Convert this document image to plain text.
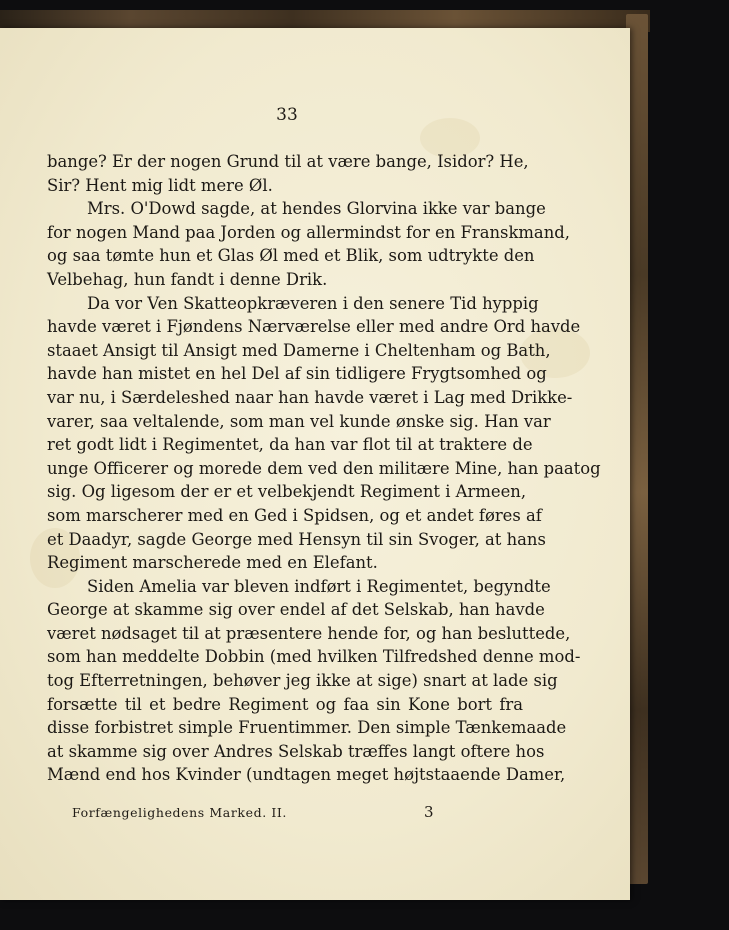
33
bange? Er der nogen Grund til at være bange, Isidor? He,
Sir? Hent mig lidt mere Øl.
Mrs. O'Dowd sagde, at hendes Glorvina ikke var bange
for nogen Mand paa Jorden og allermindst for en Franskmand,
og saa tømte hun et Glas Øl med et Blik, som udtrykte den
Velbehag, hun fandt i denne Drik.
Da vor Ven Skatteopkræveren i den senere Tid hyppig
havde været i Fjøndens Nærværelse eller med andre Ord havde
staaet Ansigt til Ansigt med Damerne i Cheltenham og Bath,
havde han mistet en hel Del af sin tidligere Frygtsomhed og
var nu, i Særdeleshed naar han havde været i Lag med Drikke-
varer, saa veltalende, som man vel kunde ønske sig. Han var
ret godt lidt i Regimentet, da han var flot til at traktere de
unge Officerer og morede dem ved den militære Mine, han paatog
sig. Og ligesom der er et velbekjendt Regiment i Armeen,
som marscherer med en Ged i Spidsen, og et andet føres af
et Daadyr, sagde George med Hensyn til sin Svoger, at hans
Regiment marscherede med en Elefant.
Siden Amelia var bleven indført i Regimentet, begyndte
George at skamme sig over endel af det Selskab, han havde
været nødsaget til at præsentere hende for, og han besluttede,
som han meddelte Dobbin (med hvilken Tilfredshed denne mod-
tog Efterretningen, behøver jeg ikke at sige) snart at lade sig
forsætte til et bedre Regiment og faa sin Kone bort fra
disse forbistret simple Fruentimmer. Den simple Tænkemaade
at skamme sig over Andres Selskab træffes langt oftere hos
Mænd end hos Kvinder (undtagen meget højtstaaende Damer,
Forfængelighedens Marked. II.	3
